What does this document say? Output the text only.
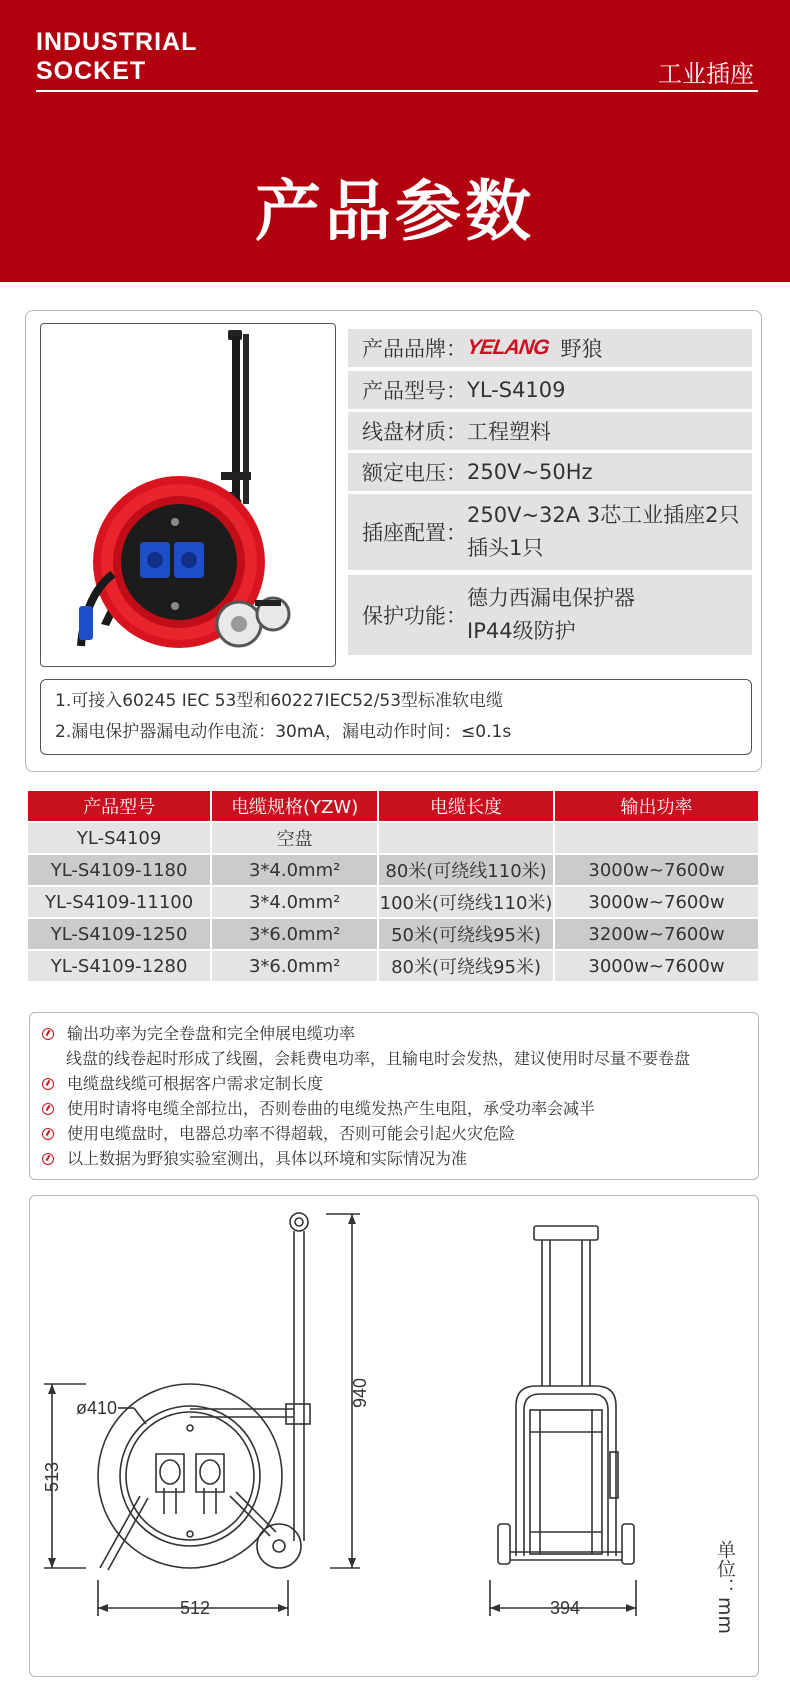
INDUSTRIAL
SOCKET	工业插座
产品参数
产品品牌：
YELANG 野狼
产品型号： YL-S4109
线盘材质： 工程塑料
额定电压： 250V~50Hz
插座配置：
250V~32A 3芯工业插座2只
插头1只
保护功能：
德力西漏电保护器
IP44级防护
1.可接入60245 IEC 53型和60227IEC52/53型标准软电缆
2.漏电保护器漏电动作电流：30mA，漏电动作时间：≤0.1s
产品型号	电缆规格(YZW)	电缆长度	输出功率
YL-S4109	空盘		
YL-S4109-1180	3*4.0mm²	80米(可绕线110米)	3000w~7600w
YL-S4109-11100	3*4.0mm²	100米(可绕线110米)	3000w~7600w
YL-S4109-1250	3*6.0mm²	50米(可绕线95米)	3200w~7600w
YL-S4109-1280	3*6.0mm²	80米(可绕线95米)	3000w~7600w
输出功率为完全卷盘和完全伸展电缆功率
线盘的线卷起时形成了线圈，会耗费电功率，且输电时会发热，建议使用时尽量不要卷盘
电缆盘线缆可根据客户需求定制长度
使用时请将电缆全部拉出，否则卷曲的电缆发热产生电阻，承受功率会减半
使用电缆盘时，电器总功率不得超载，否则可能会引起火灾危险
以上数据为野狼实验室测出，具体以环境和实际情况为准
ø410	940
513
512	394	单位：mm
